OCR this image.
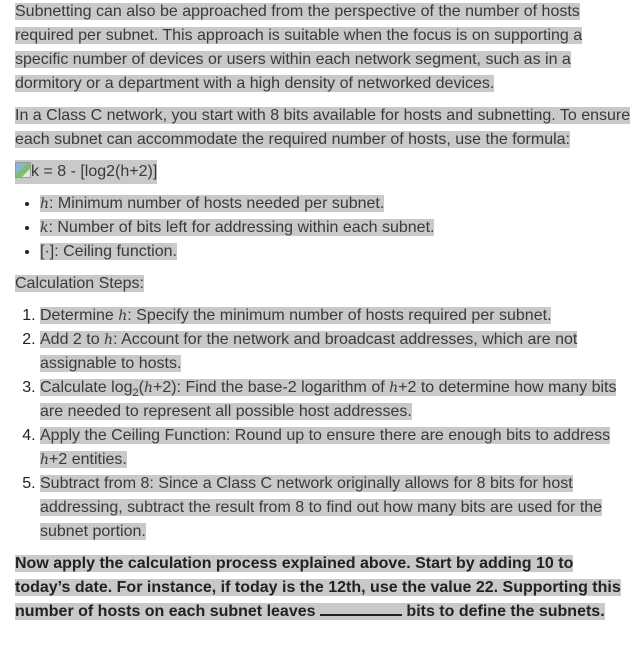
Subnetting can also be approached from the perspective of the number of hosts required per subnet. This approach is suitable when the focus is on supporting a specific number of devices or users within each network segment, such as in a dormitory or a department with a high density of networked devices.

In a Class C network, you start with 8 bits available for hosts and subnetting. To ensure each subnet can accommodate the required number of hosts, use the formula:

k = 8 - [log2(h+2)]
• h: Minimum number of hosts needed per subnet.
• k: Number of bits left for addressing within each subnet.
• [·]: Ceiling function.

Calculation Steps:

1. Determine h: Specify the minimum number of hosts required per subnet.
2. Add 2 to h: Account for the network and broadcast addresses, which are not assignable to hosts.
3. Calculate $\log_2(h+2)$: Find the base-2 logarithm of h+2 to determine how many bits are needed to represent all possible host addresses.
4. Apply the Ceiling Function: Round up to ensure there are enough bits to address h+2 entities.
5. Subtract from 8: Since a Class C network originally allows for 8 bits for host addressing, subtract the result from 8 to find out how many bits are used for the subnet portion.

Now apply the calculation process explained above. Start by adding 10 to today’s date. For instance, if today is the 12th, use the value 22. Supporting this number of hosts on each subnet leaves	bits to define the subnets.
